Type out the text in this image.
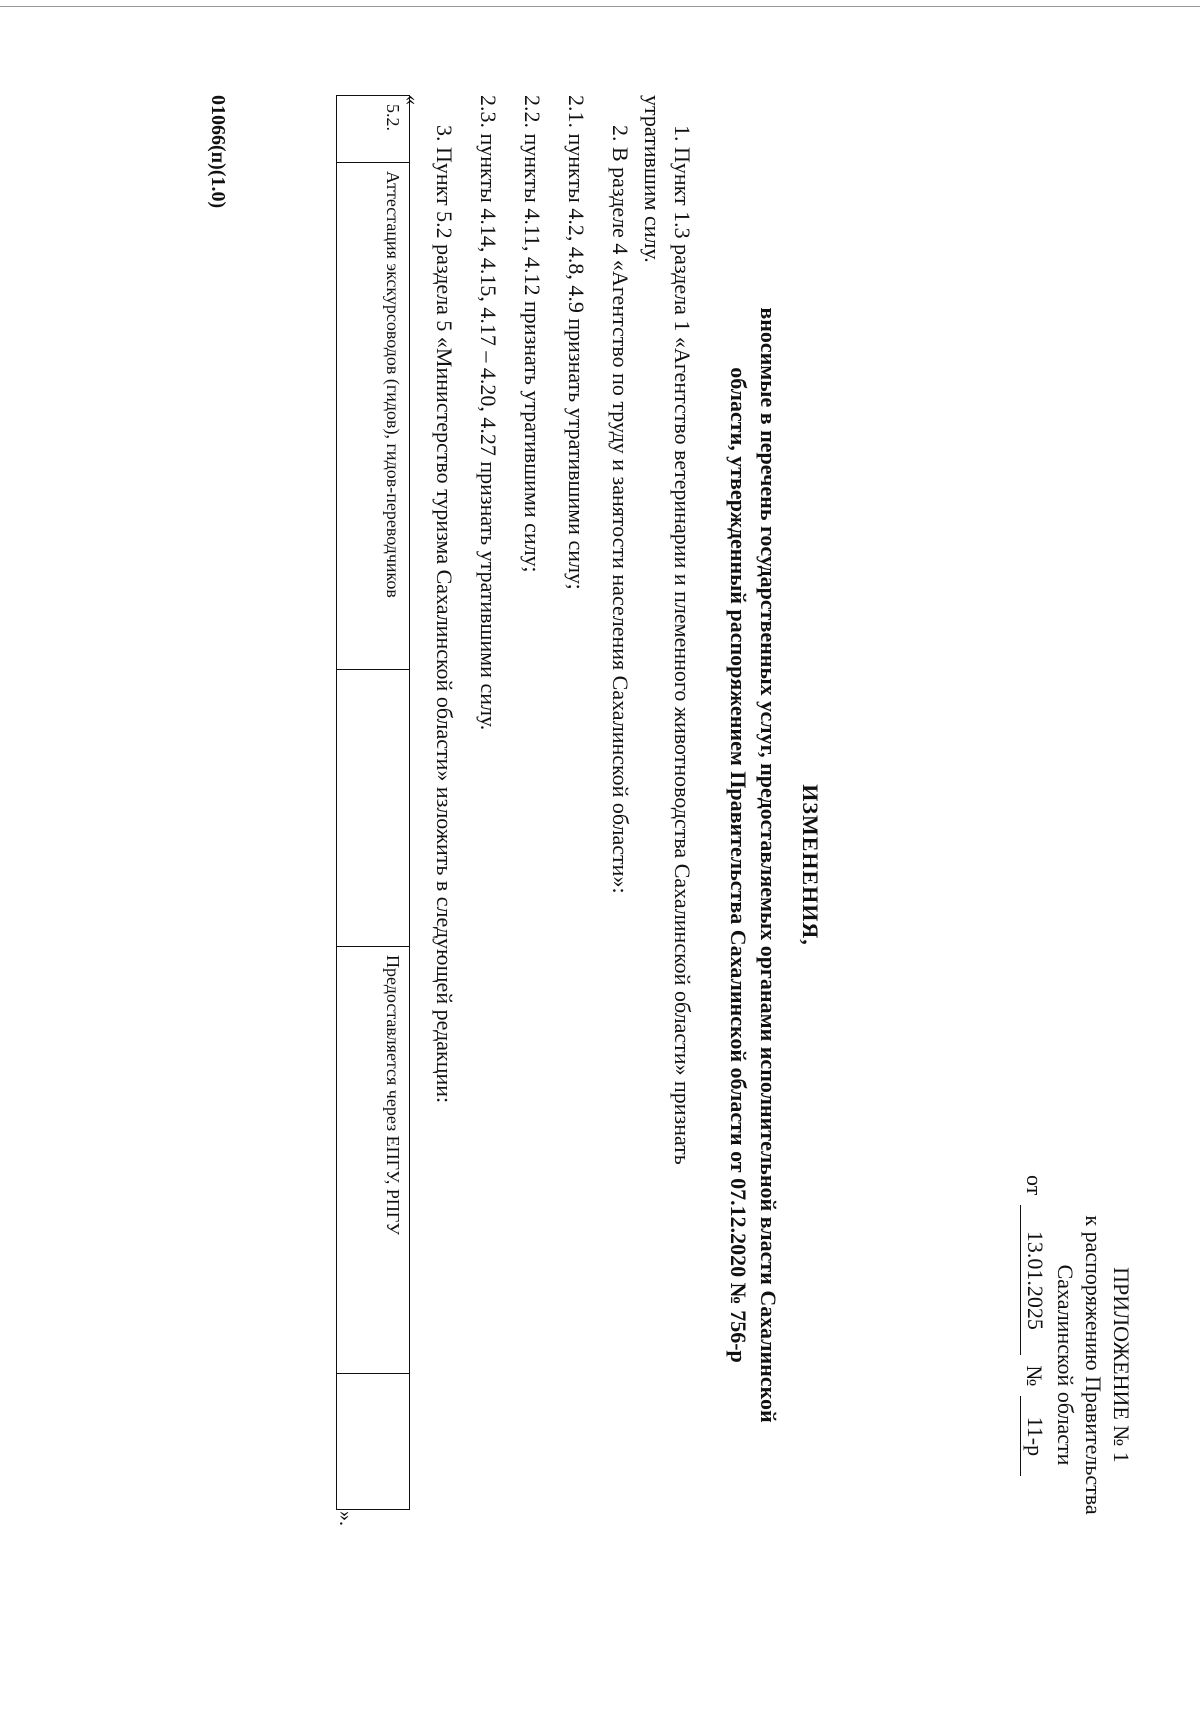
ПРИЛОЖЕНИЕ № 1
к распоряжению Правительства
Сахалинской области
от
13.01.2025
№
11-р
ИЗМЕНЕНИЯ,
вносимые в перечень государственных услуг, предоставляемых органами исполнительной власти Сахалинской
области, утвержденный распоряжением Правительства Сахалинской области от 07.12.2020 № 756-р
1. Пункт 1.3 раздела 1 «Агентство ветеринарии и племенного животноводства Сахалинской области» признать
утратившим силу.
2. В разделе 4 «Агентство по труду и занятости населения Сахалинской области»:
2.1. пункты 4.2, 4.8, 4.9 признать утратившими силу;
2.2. пункты 4.11, 4.12 признать утратившими силу;
2.3. пункты 4.14, 4.15, 4.17 – 4.20, 4.27 признать утратившими силу.
3. Пункт 5.2 раздела 5 «Министерство туризма Сахалинской области» изложить в следующей редакции:
«
5.2.	Аттестация экскурсоводов (гидов), гидов-переводчиков		Предоставляется через ЕПГУ, РПГУ	
».
01066(п)(1.0)
